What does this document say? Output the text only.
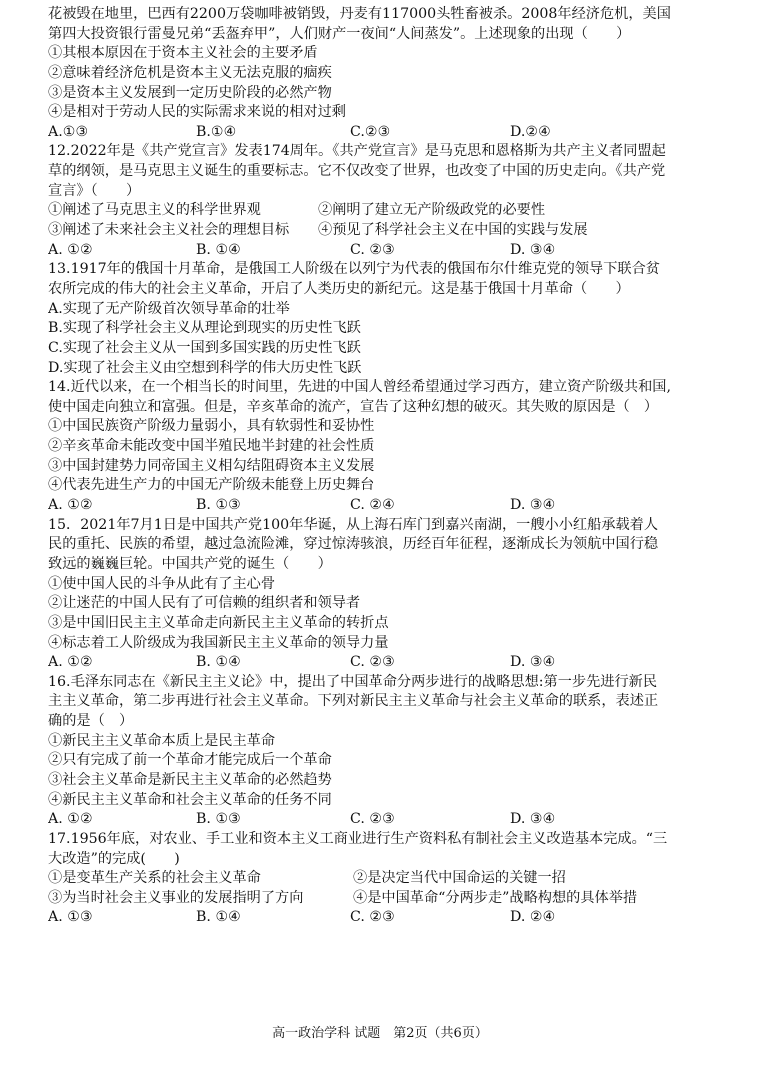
花被毁在地里，巴西有2200万袋咖啡被销毁，丹麦有117000头牲畜被杀。2008年经济危机，美国
第四大投资银行雷曼兄弟“丢盔弃甲”，人们财产一夜间“人间蒸发”。上述现象的出现（　　）
①其根本原因在于资本主义社会的主要矛盾
②意味着经济危机是资本主义无法克服的痼疾
③是资本主义发展到一定历史阶段的必然产物
④是相对于劳动人民的实际需求来说的相对过剩
A.①③	B.①④	C.②③	D.②④
12.2022年是《共产党宣言》发表174周年。《共产党宣言》是马克思和恩格斯为共产主义者同盟起
草的纲领，是马克思主义诞生的重要标志。它不仅改变了世界，也改变了中国的历史走向。《共产党
宣言》（　　）
①阐述了马克思主义的科学世界观	②阐明了建立无产阶级政党的必要性
③阐述了未来社会主义社会的理想目标	④预见了科学社会主义在中国的实践与发展
A. ①②	B. ①④	C. ②③	D. ③④
13.1917年的俄国十月革命，是俄国工人阶级在以列宁为代表的俄国布尔什维克党的领导下联合贫
农所完成的伟大的社会主义革命，开启了人类历史的新纪元。这是基于俄国十月革命（　　）
A.实现了无产阶级首次领导革命的壮举
B.实现了科学社会主义从理论到现实的历史性飞跃
C.实现了社会主义从一国到多国实践的历史性飞跃
D.实现了社会主义由空想到科学的伟大历史性飞跃
14.近代以来，在一个相当长的时间里，先进的中国人曾经希望通过学习西方，建立资产阶级共和国,
使中国走向独立和富强。但是，辛亥革命的流产，宣告了这种幻想的破灭。其失败的原因是（　）
①中国民族资产阶级力量弱小，具有软弱性和妥协性
②辛亥革命未能改变中国半殖民地半封建的社会性质
③中国封建势力同帝国主义相勾结阻碍资本主义发展
④代表先进生产力的中国无产阶级未能登上历史舞台
A. ①②	B. ①③	C. ②④	D. ③④
15．2021年7月1日是中国共产党100年华诞，从上海石库门到嘉兴南湖，一艘小小红船承载着人
民的重托、民族的希望，越过急流险滩，穿过惊涛骇浪，历经百年征程，逐渐成长为领航中国行稳
致远的巍巍巨轮。中国共产党的诞生（　　）
①使中国人民的斗争从此有了主心骨
②让迷茫的中国人民有了可信赖的组织者和领导者
③是中国旧民主主义革命走向新民主主义革命的转折点
④标志着工人阶级成为我国新民主主义革命的领导力量
A. ①②	B. ①④	C. ②③	D. ③④
16.毛泽东同志在《新民主主义论》中，提出了中国革命分两步进行的战略思想:第一步先进行新民
主主义革命，第二步再进行社会主义革命。下列对新民主主义革命与社会主义革命的联系，表述正
确的是（　）
①新民主主义革命本质上是民主革命
②只有完成了前一个革命才能完成后一个革命
③社会主义革命是新民主主义革命的必然趋势
④新民主主义革命和社会主义革命的任务不同
A. ①②	B. ①③	C. ②③	D. ③④
17.1956年底，对农业、手工业和资本主义工商业进行生产资料私有制社会主义改造基本完成。“三
大改造”的完成(　　)
①是变革生产关系的社会主义革命	②是决定当代中国命运的关键一招
③为当时社会主义事业的发展指明了方向	④是中国革命“分两步走”战略构想的具体举措
A. ①③	B. ①④	C. ②③	D. ②④
高一政治学科 试题　第2页（共6页）
